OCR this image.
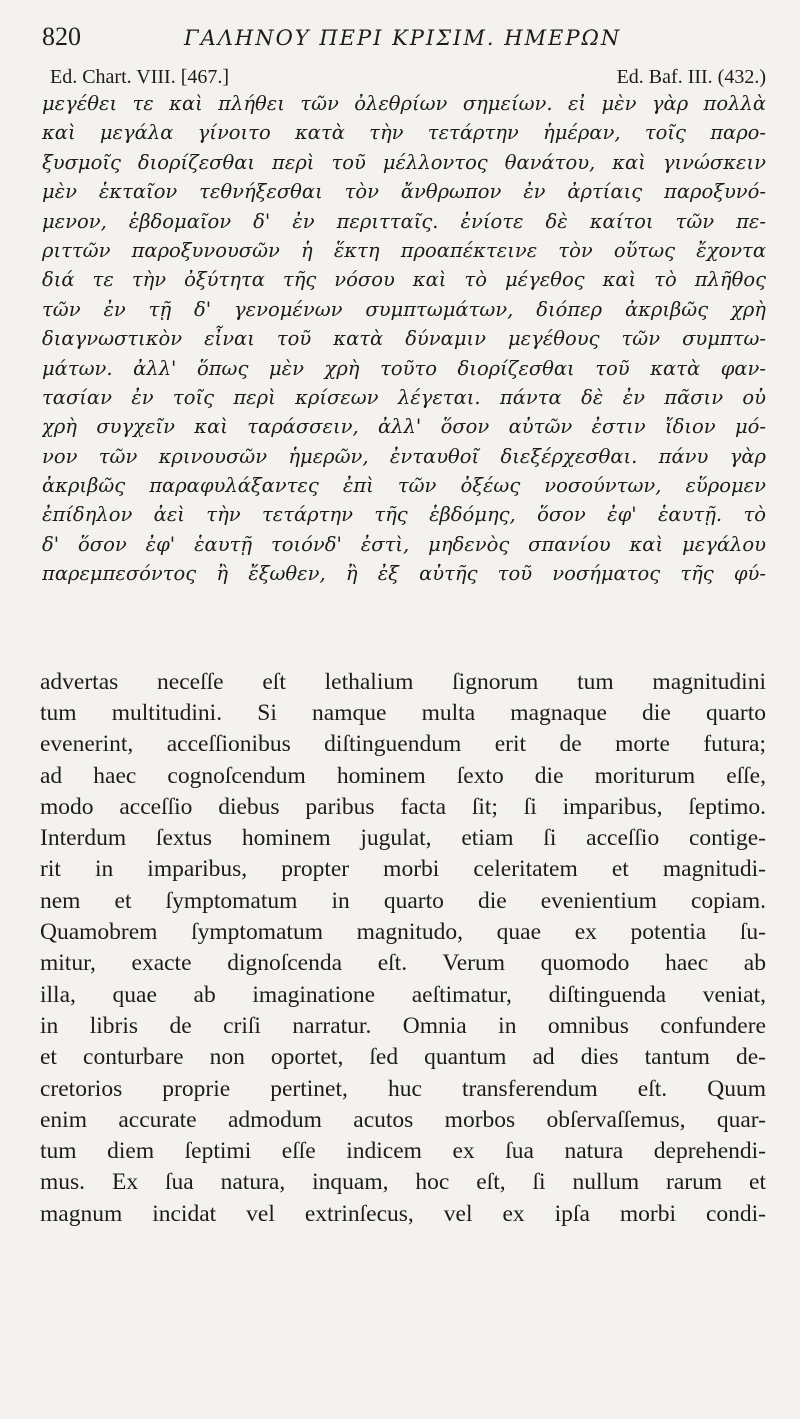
820	ΓΑΛΗΝΟΥ ΠΕΡΙ ΚΡΙΣΙΜ. ΗΜΕΡΩΝ
Ed. Chart. VIII. [467.]	Ed. Baf. III. (432.)
μεγέθει τε καὶ πλήθει τῶν ὀλεθρίων σημείων. εἰ μὲν γὰρ πολλὰ
καὶ μεγάλα γίνοιτο κατὰ τὴν τετάρτην ἡμέραν, τοῖς παρο-
ξυσμοῖς διορίζεσθαι περὶ τοῦ μέλλοντος θανάτου, καὶ γινώσκειν
μὲν ἑκταῖον τεθνήξεσθαι τὸν ἄνθρωπον ἐν ἀρτίαις παροξυνό-
μενον, ἑβδομαῖον δ' ἐν περιτταῖς. ἐνίοτε δὲ καίτοι τῶν πε-
ριττῶν παροξυνουσῶν ἡ ἕκτη προαπέκτεινε τὸν οὕτως ἔχοντα
διά τε τὴν ὀξύτητα τῆς νόσου καὶ τὸ μέγεθος καὶ τὸ πλῆθος
τῶν ἐν τῇ δ' γενομένων συμπτωμάτων, διόπερ ἀκριβῶς χρὴ
διαγνωστικὸν εἶναι τοῦ κατὰ δύναμιν μεγέθους τῶν συμπτω-
μάτων. ἀλλ' ὅπως μὲν χρὴ τοῦτο διορίζεσθαι τοῦ κατὰ φαν-
τασίαν ἐν τοῖς περὶ κρίσεων λέγεται. πάντα δὲ ἐν πᾶσιν οὐ
χρὴ συγχεῖν καὶ ταράσσειν, ἀλλ' ὅσον αὐτῶν ἐστιν ἴδιον μό-
νον τῶν κρινουσῶν ἡμερῶν, ἐνταυθοῖ διεξέρχεσθαι. πάνυ γὰρ
ἀκριβῶς παραφυλάξαντες ἐπὶ τῶν ὀξέως νοσούντων, εὕρομεν
ἐπίδηλον ἀεὶ τὴν τετάρτην τῆς ἑβδόμης, ὅσον ἐφ' ἑαυτῇ. τὸ
δ' ὅσον ἐφ' ἑαυτῇ τοιόνδ' ἐστὶ, μηδενὸς σπανίου καὶ μεγάλου
παρεμπεσόντος ἢ ἔξωθεν, ἢ ἐξ αὐτῆς τοῦ νοσήματος τῆς φύ-
advertas neceſſe eſt lethalium ſignorum tum magnitudini
tum multitudini. Si namque multa magnaque die quarto
evenerint, acceſſionibus diſtinguendum erit de morte futura;
ad haec cognoſcendum hominem ſexto die moriturum eſſe,
modo acceſſio diebus paribus facta ſit; ſi imparibus, ſeptimo.
Interdum ſextus hominem jugulat, etiam ſi acceſſio contige-
rit in imparibus, propter morbi celeritatem et magnitudi-
nem et ſymptomatum in quarto die evenientium copiam.
Quamobrem ſymptomatum magnitudo, quae ex potentia ſu-
mitur, exacte dignoſcenda eſt. Verum quomodo haec ab
illa, quae ab imaginatione aeſtimatur, diſtinguenda veniat,
in libris de criſi narratur. Omnia in omnibus confundere
et conturbare non oportet, ſed quantum ad dies tantum de-
cretorios proprie pertinet, huc transferendum eſt. Quum
enim accurate admodum acutos morbos obſervaſſemus, quar-
tum diem ſeptimi eſſe indicem ex ſua natura deprehendi-
mus. Ex ſua natura, inquam, hoc eſt, ſi nullum rarum et
magnum incidat vel extrinſecus, vel ex ipſa morbi condi-
